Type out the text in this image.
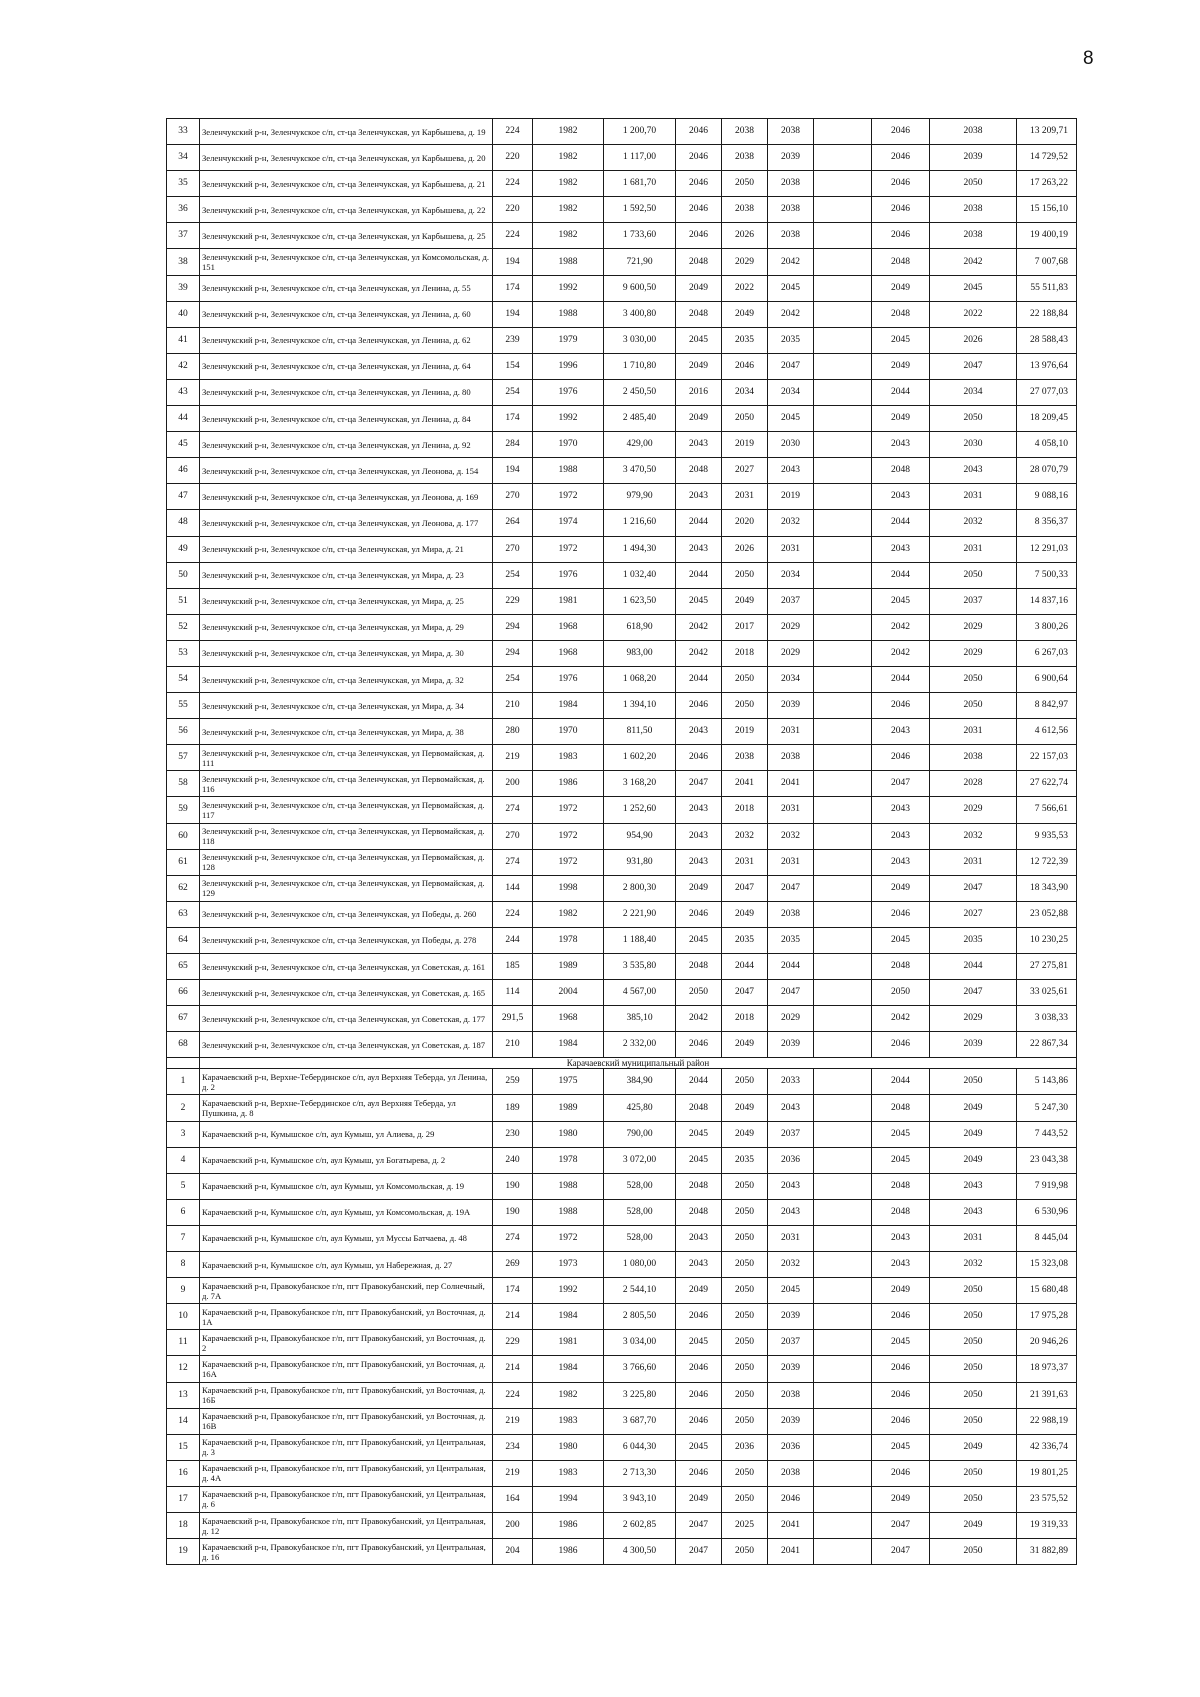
8
33	Зеленчукский р-н, Зеленчукское с/п, ст-ца Зеленчукская, ул Карбышева, д. 19	224	1982	1 200,70	2046	2038	2038		2046	2038	13 209,71
34	Зеленчукский р-н, Зеленчукское с/п, ст-ца Зеленчукская, ул Карбышева, д. 20	220	1982	1 117,00	2046	2038	2039		2046	2039	14 729,52
35	Зеленчукский р-н, Зеленчукское с/п, ст-ца Зеленчукская, ул Карбышева, д. 21	224	1982	1 681,70	2046	2050	2038		2046	2050	17 263,22
36	Зеленчукский р-н, Зеленчукское с/п, ст-ца Зеленчукская, ул Карбышева, д. 22	220	1982	1 592,50	2046	2038	2038		2046	2038	15 156,10
37	Зеленчукский р-н, Зеленчукское с/п, ст-ца Зеленчукская, ул Карбышева, д. 25	224	1982	1 733,60	2046	2026	2038		2046	2038	19 400,19
38	Зеленчукский р-н, Зеленчукское с/п, ст-ца Зеленчукская, ул Комсомольская, д. 151	194	1988	721,90	2048	2029	2042		2048	2042	7 007,68
39	Зеленчукский р-н, Зеленчукское с/п, ст-ца Зеленчукская, ул Ленина, д. 55	174	1992	9 600,50	2049	2022	2045		2049	2045	55 511,83
40	Зеленчукский р-н, Зеленчукское с/п, ст-ца Зеленчукская, ул Ленина, д. 60	194	1988	3 400,80	2048	2049	2042		2048	2022	22 188,84
41	Зеленчукский р-н, Зеленчукское с/п, ст-ца Зеленчукская, ул Ленина, д. 62	239	1979	3 030,00	2045	2035	2035		2045	2026	28 588,43
42	Зеленчукский р-н, Зеленчукское с/п, ст-ца Зеленчукская, ул Ленина, д. 64	154	1996	1 710,80	2049	2046	2047		2049	2047	13 976,64
43	Зеленчукский р-н, Зеленчукское с/п, ст-ца Зеленчукская, ул Ленина, д. 80	254	1976	2 450,50	2016	2034	2034		2044	2034	27 077,03
44	Зеленчукский р-н, Зеленчукское с/п, ст-ца Зеленчукская, ул Ленина, д. 84	174	1992	2 485,40	2049	2050	2045		2049	2050	18 209,45
45	Зеленчукский р-н, Зеленчукское с/п, ст-ца Зеленчукская, ул Ленина, д. 92	284	1970	429,00	2043	2019	2030		2043	2030	4 058,10
46	Зеленчукский р-н, Зеленчукское с/п, ст-ца Зеленчукская, ул Леонова, д. 154	194	1988	3 470,50	2048	2027	2043		2048	2043	28 070,79
47	Зеленчукский р-н, Зеленчукское с/п, ст-ца Зеленчукская, ул Леонова, д. 169	270	1972	979,90	2043	2031	2019		2043	2031	9 088,16
48	Зеленчукский р-н, Зеленчукское с/п, ст-ца Зеленчукская, ул Леонова, д. 177	264	1974	1 216,60	2044	2020	2032		2044	2032	8 356,37
49	Зеленчукский р-н, Зеленчукское с/п, ст-ца Зеленчукская, ул Мира, д. 21	270	1972	1 494,30	2043	2026	2031		2043	2031	12 291,03
50	Зеленчукский р-н, Зеленчукское с/п, ст-ца Зеленчукская, ул Мира, д. 23	254	1976	1 032,40	2044	2050	2034		2044	2050	7 500,33
51	Зеленчукский р-н, Зеленчукское с/п, ст-ца Зеленчукская, ул Мира, д. 25	229	1981	1 623,50	2045	2049	2037		2045	2037	14 837,16
52	Зеленчукский р-н, Зеленчукское с/п, ст-ца Зеленчукская, ул Мира, д. 29	294	1968	618,90	2042	2017	2029		2042	2029	3 800,26
53	Зеленчукский р-н, Зеленчукское с/п, ст-ца Зеленчукская, ул Мира, д. 30	294	1968	983,00	2042	2018	2029		2042	2029	6 267,03
54	Зеленчукский р-н, Зеленчукское с/п, ст-ца Зеленчукская, ул Мира, д. 32	254	1976	1 068,20	2044	2050	2034		2044	2050	6 900,64
55	Зеленчукский р-н, Зеленчукское с/п, ст-ца Зеленчукская, ул Мира, д. 34	210	1984	1 394,10	2046	2050	2039		2046	2050	8 842,97
56	Зеленчукский р-н, Зеленчукское с/п, ст-ца Зеленчукская, ул Мира, д. 38	280	1970	811,50	2043	2019	2031		2043	2031	4 612,56
57	Зеленчукский р-н, Зеленчукское с/п, ст-ца Зеленчукская, ул Первомайская, д. 111	219	1983	1 602,20	2046	2038	2038		2046	2038	22 157,03
58	Зеленчукский р-н, Зеленчукское с/п, ст-ца Зеленчукская, ул Первомайская, д. 116	200	1986	3 168,20	2047	2041	2041		2047	2028	27 622,74
59	Зеленчукский р-н, Зеленчукское с/п, ст-ца Зеленчукская, ул Первомайская, д. 117	274	1972	1 252,60	2043	2018	2031		2043	2029	7 566,61
60	Зеленчукский р-н, Зеленчукское с/п, ст-ца Зеленчукская, ул Первомайская, д. 118	270	1972	954,90	2043	2032	2032		2043	2032	9 935,53
61	Зеленчукский р-н, Зеленчукское с/п, ст-ца Зеленчукская, ул Первомайская, д. 128	274	1972	931,80	2043	2031	2031		2043	2031	12 722,39
62	Зеленчукский р-н, Зеленчукское с/п, ст-ца Зеленчукская, ул Первомайская, д. 129	144	1998	2 800,30	2049	2047	2047		2049	2047	18 343,90
63	Зеленчукский р-н, Зеленчукское с/п, ст-ца Зеленчукская, ул Победы, д. 260	224	1982	2 221,90	2046	2049	2038		2046	2027	23 052,88
64	Зеленчукский р-н, Зеленчукское с/п, ст-ца Зеленчукская, ул Победы, д. 278	244	1978	1 188,40	2045	2035	2035		2045	2035	10 230,25
65	Зеленчукский р-н, Зеленчукское с/п, ст-ца Зеленчукская, ул Советская, д. 161	185	1989	3 535,80	2048	2044	2044		2048	2044	27 275,81
66	Зеленчукский р-н, Зеленчукское с/п, ст-ца Зеленчукская, ул Советская, д. 165	114	2004	4 567,00	2050	2047	2047		2050	2047	33 025,61
67	Зеленчукский р-н, Зеленчукское с/п, ст-ца Зеленчукская, ул Советская, д. 177	291,5	1968	385,10	2042	2018	2029		2042	2029	3 038,33
68	Зеленчукский р-н, Зеленчукское с/п, ст-ца Зеленчукская, ул Советская, д. 187	210	1984	2 332,00	2046	2049	2039		2046	2039	22 867,34
	Карачаевский муниципальный район										
1	Карачаевский р-н, Верхне-Тебердинское с/п, аул Верхняя Теберда, ул Ленина, д. 2	259	1975	384,90	2044	2050	2033		2044	2050	5 143,86
2	Карачаевский р-н, Верхне-Тебердинское с/п, аул Верхняя Теберда, ул Пушкина, д. 8	189	1989	425,80	2048	2049	2043		2048	2049	5 247,30
3	Карачаевский р-н, Кумышское с/п, аул Кумыш, ул Алиева, д. 29	230	1980	790,00	2045	2049	2037		2045	2049	7 443,52
4	Карачаевский р-н, Кумышское с/п, аул Кумыш, ул Богатырева, д. 2	240	1978	3 072,00	2045	2035	2036		2045	2049	23 043,38
5	Карачаевский р-н, Кумышское с/п, аул Кумыш, ул Комсомольская, д. 19	190	1988	528,00	2048	2050	2043		2048	2043	7 919,98
6	Карачаевский р-н, Кумышское с/п, аул Кумыш, ул Комсомольская, д. 19А	190	1988	528,00	2048	2050	2043		2048	2043	6 530,96
7	Карачаевский р-н, Кумышское с/п, аул Кумыш, ул Муссы Батчаева, д. 48	274	1972	528,00	2043	2050	2031		2043	2031	8 445,04
8	Карачаевский р-н, Кумышское с/п, аул Кумыш, ул Набережная, д. 27	269	1973	1 080,00	2043	2050	2032		2043	2032	15 323,08
9	Карачаевский р-н, Правокубанское г/п, пгт Правокубанский, пер Солнечный, д. 7А	174	1992	2 544,10	2049	2050	2045		2049	2050	15 680,48
10	Карачаевский р-н, Правокубанское г/п, пгт Правокубанский, ул Восточная, д. 1А	214	1984	2 805,50	2046	2050	2039		2046	2050	17 975,28
11	Карачаевский р-н, Правокубанское г/п, пгт Правокубанский, ул Восточная, д. 2	229	1981	3 034,00	2045	2050	2037		2045	2050	20 946,26
12	Карачаевский р-н, Правокубанское г/п, пгт Правокубанский, ул Восточная, д. 16А	214	1984	3 766,60	2046	2050	2039		2046	2050	18 973,37
13	Карачаевский р-н, Правокубанское г/п, пгт Правокубанский, ул Восточная, д. 16Б	224	1982	3 225,80	2046	2050	2038		2046	2050	21 391,63
14	Карачаевский р-н, Правокубанское г/п, пгт Правокубанский, ул Восточная, д. 16В	219	1983	3 687,70	2046	2050	2039		2046	2050	22 988,19
15	Карачаевский р-н, Правокубанское г/п, пгт Правокубанский, ул Центральная, д. 3	234	1980	6 044,30	2045	2036	2036		2045	2049	42 336,74
16	Карачаевский р-н, Правокубанское г/п, пгт Правокубанский, ул Центральная, д. 4А	219	1983	2 713,30	2046	2050	2038		2046	2050	19 801,25
17	Карачаевский р-н, Правокубанское г/п, пгт Правокубанский, ул Центральная, д. 6	164	1994	3 943,10	2049	2050	2046		2049	2050	23 575,52
18	Карачаевский р-н, Правокубанское г/п, пгт Правокубанский, ул Центральная, д. 12	200	1986	2 602,85	2047	2025	2041		2047	2049	19 319,33
19	Карачаевский р-н, Правокубанское г/п, пгт Правокубанский, ул Центральная, д. 16	204	1986	4 300,50	2047	2050	2041		2047	2050	31 882,89
